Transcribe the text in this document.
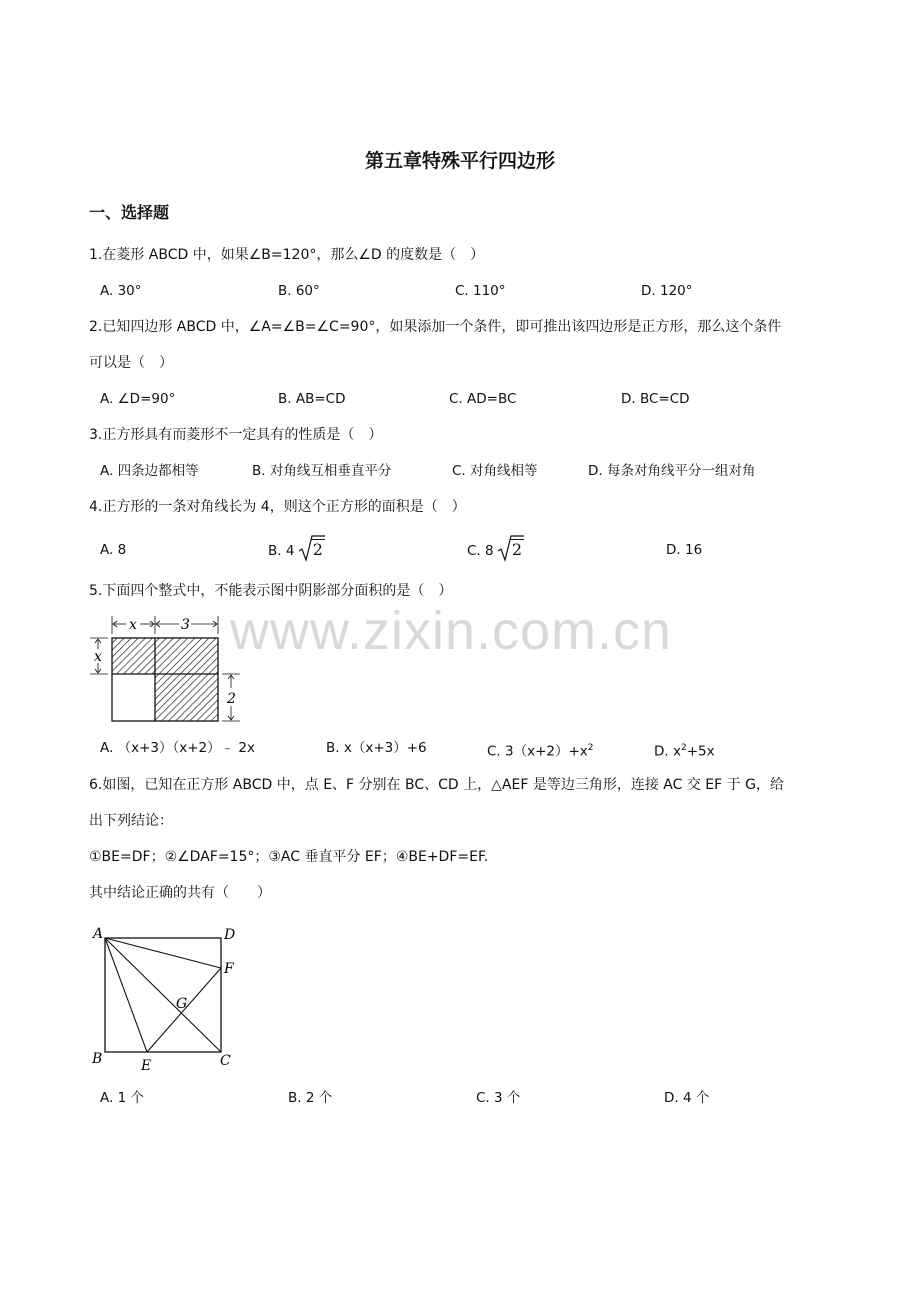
第五章特殊平行四边形
一、选择题
1.在菱形 ABCD 中，如果∠B=120°，那么∠D 的度数是（　）
A. 30°	B. 60°	C. 110°	D. 120°
2.已知四边形 ABCD 中，∠A=∠B=∠C=90°，如果添加一个条件，即可推出该四边形是正方形，那么这个条件
可以是（　）
A. ∠D=90°	B. AB=CD	C. AD=BC	D. BC=CD
3.正方形具有而菱形不一定具有的性质是（　）
A. 四条边都相等	B. 对角线互相垂直平分	C. 对角线相等	D. 每条对角线平分一组对角
4.正方形的一条对角线长为 4，则这个正方形的面积是（　）
A. 8	B. 4 2	C. 8 2	D. 16
5.下面四个整式中，不能表示图中阴影部分面积的是（　）
x	3
x
2
A. （x+3）（x+2）﹣ 2x	B. x（x+3）+6	C. $3(x+2)+x^2$	D. $x^2+5x$
6.如图，已知在正方形 ABCD 中，点 E、F 分别在 BC、CD 上，△AEF 是等边三角形，连接 AC 交 EF 于 G，给
出下列结论：
①BE=DF；②∠DAF=15°；③AC 垂直平分 EF；④BE+DF=EF.
其中结论正确的共有（　　）
A	D
F
G
B	E	C
A. 1 个	B. 2 个	C. 3 个	D. 4 个
www.zixin.com.cn
